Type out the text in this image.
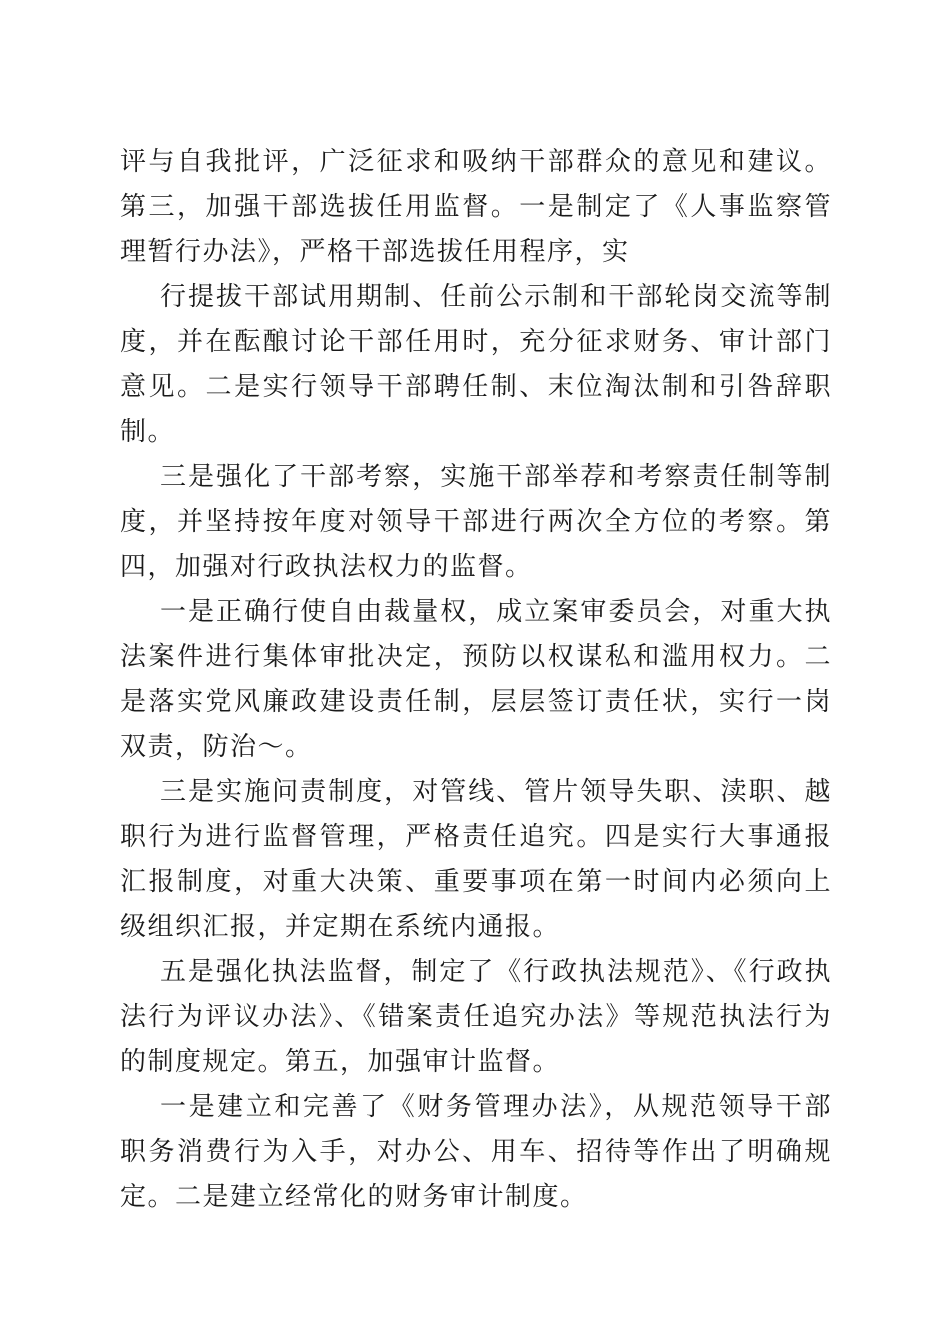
评与自我批评，广泛征求和吸纳干部群众的意见和建议。第三，加强干部选拔任用监督。一是制定了《人事监察管理暂行办法》，严格干部选拔任用程序，实

行提拔干部试用期制、任前公示制和干部轮岗交流等制度，并在酝酿讨论干部任用时，充分征求财务、审计部门意见。二是实行领导干部聘任制、末位淘汰制和引咎辞职制。

三是强化了干部考察，实施干部举荐和考察责任制等制度，并坚持按年度对领导干部进行两次全方位的考察。第四，加强对行政执法权力的监督。

一是正确行使自由裁量权，成立案审委员会，对重大执法案件进行集体审批决定，预防以权谋私和滥用权力。二是落实党风廉政建设责任制，层层签订责任状，实行一岗双责，防治～。

三是实施问责制度，对管线、管片领导失职、渎职、越职行为进行监督管理，严格责任追究。四是实行大事通报汇报制度，对重大决策、重要事项在第一时间内必须向上级组织汇报，并定期在系统内通报。

五是强化执法监督，制定了《行政执法规范》、《行政执法行为评议办法》、《错案责任追究办法》等规范执法行为的制度规定。第五，加强审计监督。

一是建立和完善了《财务管理办法》，从规范领导干部职务消费行为入手，对办公、用车、招待等作出了明确规定。二是建立经常化的财务审计制度。
